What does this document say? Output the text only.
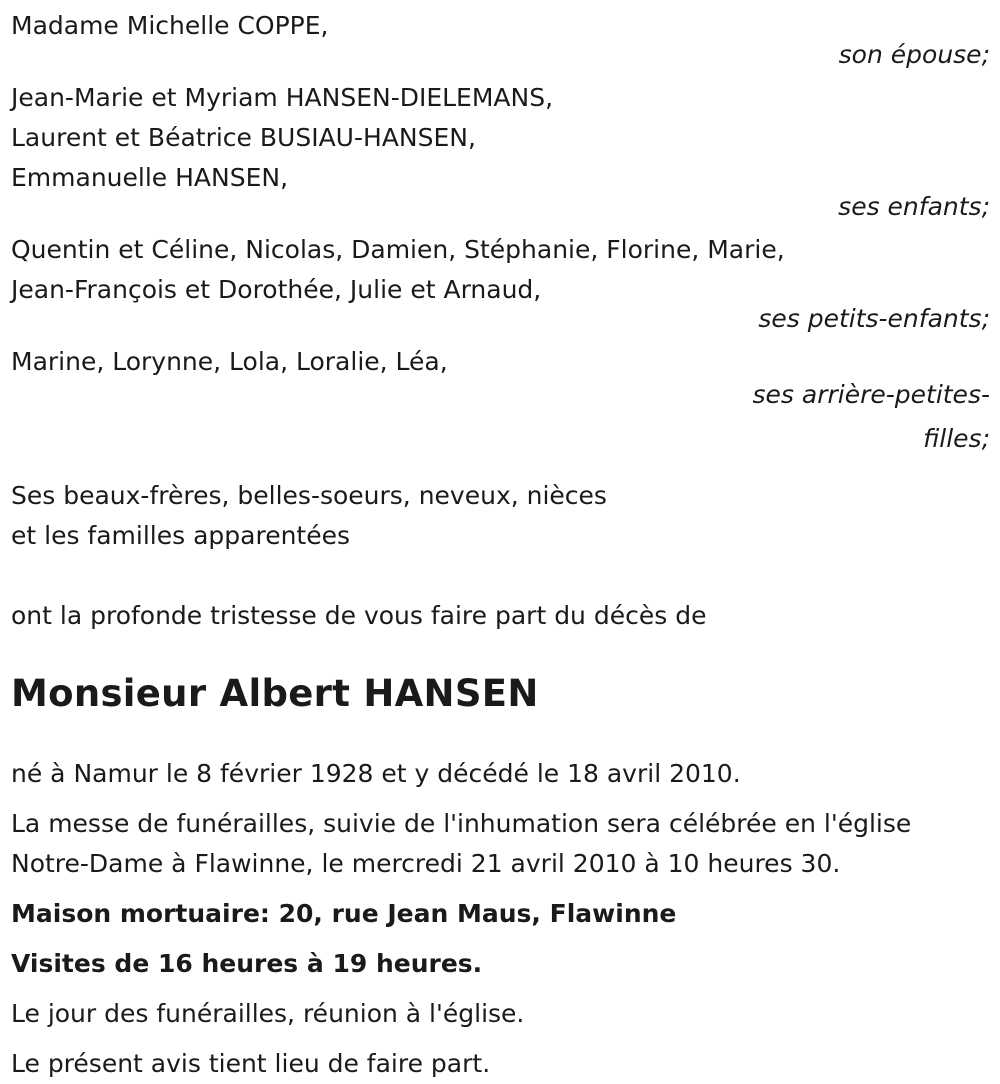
Madame Michelle COPPE,
son épouse;
Jean-Marie et Myriam HANSEN-DIELEMANS,
Laurent et Béatrice BUSIAU-HANSEN,
Emmanuelle HANSEN,
ses enfants;
Quentin et Céline, Nicolas, Damien, Stéphanie, Florine, Marie,
Jean-François et Dorothée, Julie et Arnaud,
ses petits-enfants;
Marine, Lorynne, Lola, Loralie, Léa,
ses arrière-petites-
filles;
Ses beaux-frères, belles-soeurs, neveux, nièces
et les familles apparentées
ont la profonde tristesse de vous faire part du décès de
Monsieur Albert HANSEN
né à Namur le 8 février 1928 et y décédé le 18 avril 2010.
La messe de funérailles, suivie de l'inhumation sera célébrée en l'église
Notre-Dame à Flawinne, le mercredi 21 avril 2010 à 10 heures 30.
Maison mortuaire: 20, rue Jean Maus, Flawinne
Visites de 16 heures à 19 heures.
Le jour des funérailles, réunion à l'église.
Le présent avis tient lieu de faire part.
